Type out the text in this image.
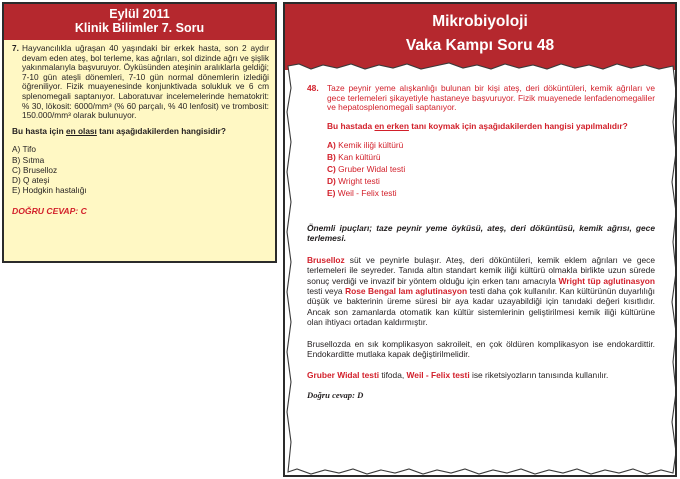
Eylül 2011
Klinik Bilimler 7. Soru
7. Hayvancılıkla uğraşan 40 yaşındaki bir erkek hasta, son 2 aydır devam eden ateş, bol terleme, kas ağrıları, sol dizinde ağrı ve şişlik yakınmalarıyla başvuruyor. Öyküsünden ateşinin aralıklarla geldiği; 7-10 gün ateşli dönemleri, 7-10 gün normal dönemlerin izlediği öğreniliyor. Fizik muayenesinde konjunktivada solukluk ve 6 cm splenomegali saptanıyor. Laboratuvar incelemelerinde hematokrit: % 30, lökosit: 6000/mm³ (% 60 parçalı, % 40 lenfosit) ve trombosit: 150.000/mm³ olarak bulunuyor.
Bu hasta için en olası tanı aşağıdakilerden hangisidir?
A) Tifo
B) Sıtma
C) Bruselloz
D) Q ateşi
E) Hodgkin hastalığı
DOĞRU CEVAP: C
Mikrobiyoloji
Vaka Kampı Soru 48
48. Taze peynir yeme alışkanlığı bulunan bir kişi ateş, deri döküntüleri, kemik ağrıları ve gece terlemeleri şikayetiyle hastaneye başvuruyor. Fizik muayenede lenfadenomegaliler ve hepatosplenomegali saptanıyor.
Bu hastada en erken tanı koymak için aşağıdakilerden hangisi yapılmalıdır?
A) Kemik iliği kültürü
B) Kan kültürü
C) Gruber Widal testi
D) Wright testi
E) Weil - Felix testi
Önemli ipuçları; taze peynir yeme öyküsü, ateş, deri döküntüsü, kemik ağrısı, gece terlemesi.
Bruselloz süt ve peynirle bulaşır. Ateş, deri döküntüleri, kemik eklem ağrıları ve gece terlemeleri ile seyreder. Tanıda altın standart kemik iliği kültürü olmakla birlikte uzun sürede sonuç verdiği ve invazif bir yöntem olduğu için erken tanı amacıyla Wright tüp aglutinasyon testi veya Rose Bengal lam aglutinasyon testi daha çok kullanılır. Kan kültürünün duyarlılığı düşük ve bakterinin üreme süresi bir aya kadar uzayabildiği için tanıdaki değeri kısıtlıdır. Ancak son zamanlarda otomatik kan kültür sistemlerinin geliştirilmesi kemik iliği kültürüne olan ihtiyacı ortadan kaldırmıştır.
Brusellozda en sık komplikasyon sakroileit, en çok öldüren komplikasyon ise endokardittir. Endokarditte mutlaka kapak değiştirilmelidir.
Gruber Widal testi tifoda, Weil - Felix testi ise riketsiyozların tanısında kullanılır.
Doğru cevap: D
